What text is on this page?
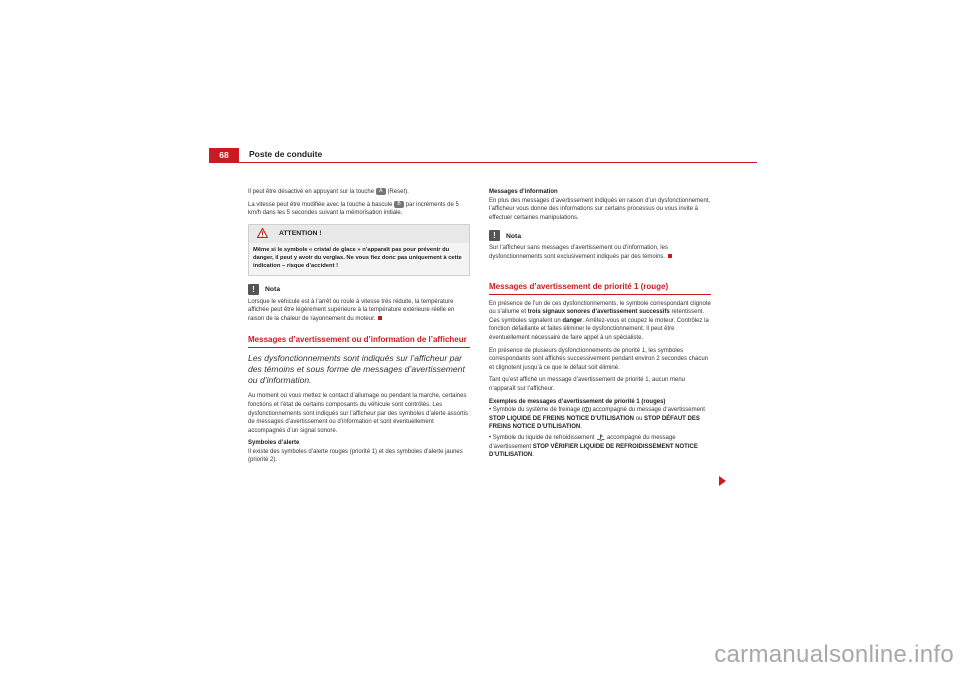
68	Poste de conduite

Il peut être désactivé en appuyant sur la touche A (Reset).

La vitesse peut être modifiée avec la touche à bascule B par incréments de 5 km/h dans les 5 secondes suivant la mémorisation initiale.

ATTENTION !
Même si le symbole « cristal de glace » n’apparaît pas pour prévenir du danger, il peut y avoir du verglas. Ne vous fiez donc pas uniquement à cette indication – risque d’accident !
!
Nota

Lorsque le véhicule est à l’arrêt ou roule à vitesse très réduite, la température affichée peut être légèrement supérieure à la température extérieure réelle en raison de la chaleur de rayonnement du moteur.

Messages d’avertissement ou d’information de l’afficheur
Les dysfonctionnements sont indiqués sur l’afficheur par des témoins et sous forme de messages d’avertissement ou d’information.

Au moment où vous mettez le contact d’allumage ou pendant la marche, certaines fonctions et l’état de certains composants du véhicule sont contrôlés. Les dysfonctionnements sont indiqués sur l’afficheur par des symboles d’alerte assortis de messages d’avertissement ou d’information et sont éventuellement accompagnés d’un signal sonore.

Symboles d’alerte

Il existe des symboles d’alerte rouges (priorité 1) et des symboles d’alerte jaunes (priorité 2).

Messages d’information

En plus des messages d’avertissement indiqués en raison d’un dysfonctionnement, l’afficheur vous donne des informations sur certains processus ou vous invite à effectuer certaines manipulations.

!
Nota

Sur l’afficheur sans messages d’avertissement ou d’information, les dysfonctionnements sont exclusivement indiqués par des témoins.

Messages d’avertissement de priorité 1 (rouge)

En présence de l’un de ces dysfonctionnements, le symbole correspondant clignote ou s’allume et trois signaux sonores d’avertissement successifs retentissent. Ces symboles signalent un danger. Arrêtez-vous et coupez le moteur. Contrôlez la fonction défaillante et faites éliminer le dysfonctionnement. Il peut être éventuellement nécessaire de faire appel à un spécialiste.

En présence de plusieurs dysfonctionnements de priorité 1, les symboles correspondants sont affichés successivement pendant environ 2 secondes chacun et clignotent jusqu’à ce que le défaut soit éliminé.

Tant qu’est affiché un message d’avertissement de priorité 1, aucun menu n’apparaît sur l’afficheur.

Exemples de messages d’avertissement de priorité 1 (rouges)

• Symbole du système de freinage accompagné du message d’avertissement STOP LIQUIDE DE FREINS NOTICE D’UTILISATION ou STOP DÉFAUT DES FREINS NOTICE D’UTILISATION.

• Symbole du liquide de refroidissement accompagné du message d’avertissement STOP VÉRIFIER LIQUIDE DE REFROIDISSEMENT NOTICE D’UTILISATION.

carmanualsonline.info
